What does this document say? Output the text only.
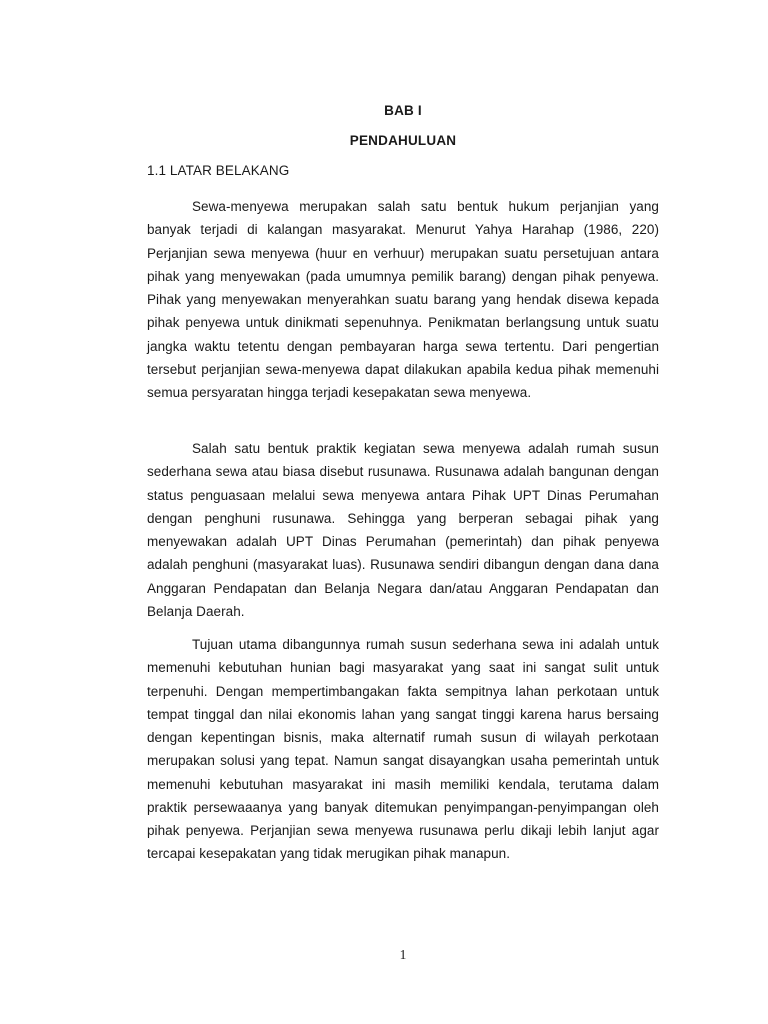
BAB I
PENDAHULUAN
1.1 LATAR BELAKANG

Sewa-menyewa merupakan salah satu bentuk hukum perjanjian yang banyak terjadi di kalangan masyarakat. Menurut Yahya Harahap (1986, 220) Perjanjian sewa menyewa (huur en verhuur) merupakan suatu persetujuan antara pihak yang menyewakan (pada umumnya pemilik barang) dengan pihak penyewa. Pihak yang menyewakan menyerahkan suatu barang yang hendak disewa kepada pihak penyewa untuk dinikmati sepenuhnya. Penikmatan berlangsung untuk suatu jangka waktu tetentu dengan pembayaran harga sewa tertentu. Dari pengertian tersebut perjanjian sewa-menyewa dapat dilakukan apabila kedua pihak memenuhi semua persyaratan hingga terjadi kesepakatan sewa menyewa.

Salah satu bentuk praktik kegiatan sewa menyewa adalah rumah susun sederhana sewa atau biasa disebut rusunawa. Rusunawa adalah bangunan dengan status penguasaan melalui sewa menyewa antara Pihak UPT Dinas Perumahan dengan penghuni rusunawa. Sehingga yang berperan sebagai pihak yang menyewakan adalah UPT Dinas Perumahan (pemerintah) dan pihak penyewa adalah penghuni (masyarakat luas). Rusunawa sendiri dibangun dengan dana dana Anggaran Pendapatan dan Belanja Negara dan/atau Anggaran Pendapatan dan Belanja Daerah.

Tujuan utama dibangunnya rumah susun sederhana sewa ini adalah untuk memenuhi kebutuhan hunian bagi masyarakat yang saat ini sangat sulit untuk terpenuhi. Dengan mempertimbangakan fakta sempitnya lahan perkotaan untuk tempat tinggal dan nilai ekonomis lahan yang sangat tinggi karena harus bersaing dengan kepentingan bisnis, maka alternatif rumah susun di wilayah perkotaan merupakan solusi yang tepat. Namun sangat disayangkan usaha pemerintah untuk memenuhi kebutuhan masyarakat ini masih memiliki kendala, terutama dalam praktik persewaaanya yang banyak ditemukan penyimpangan-penyimpangan oleh pihak penyewa. Perjanjian sewa menyewa rusunawa perlu dikaji lebih lanjut agar tercapai kesepakatan yang tidak merugikan pihak manapun.

1
